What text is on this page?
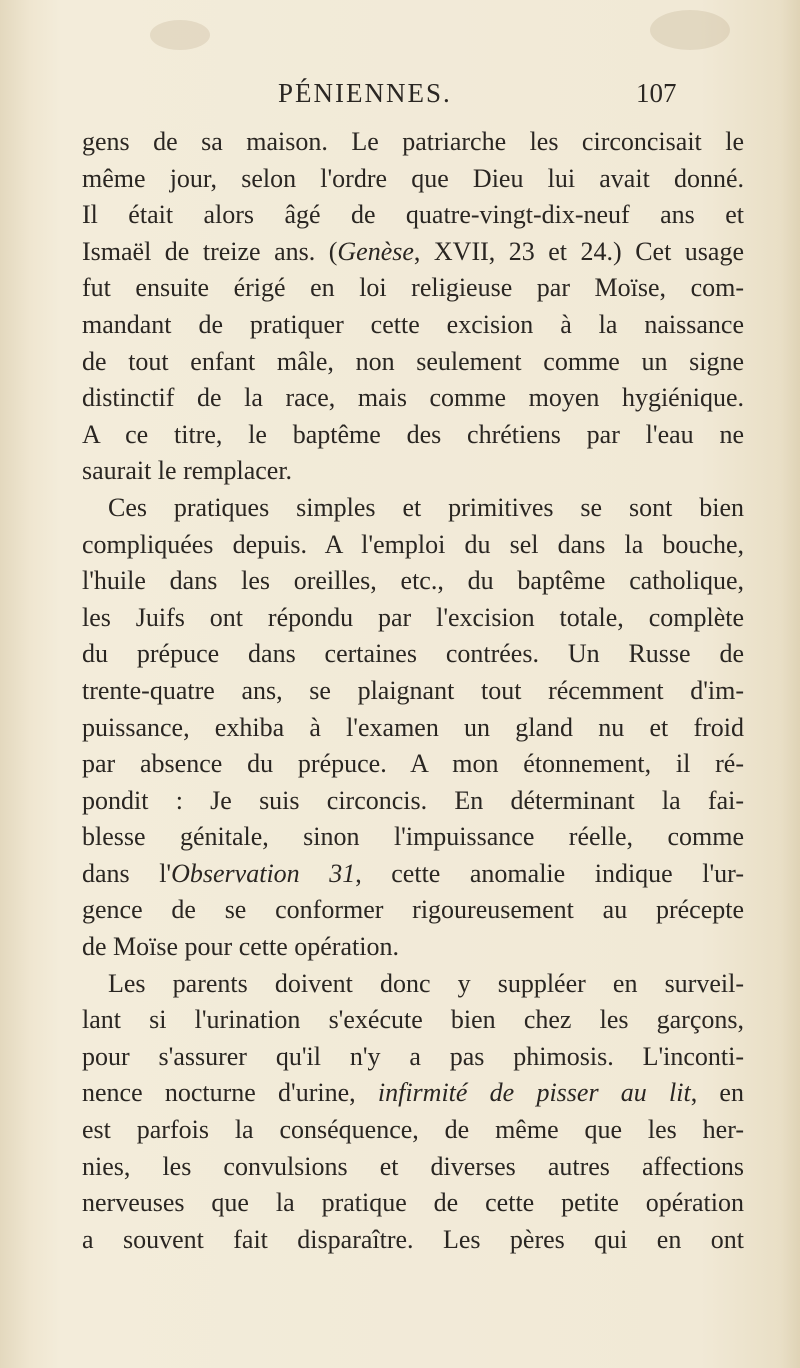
PÉNIENNES.	107
gens de sa maison. Le patriarche les circoncisait le
même jour, selon l'ordre que Dieu lui avait donné.
Il était alors âgé de quatre-vingt-dix-neuf ans et
Ismaël de treize ans. (Genèse, XVII, 23 et 24.) Cet usage
fut ensuite érigé en loi religieuse par Moïse, com-
mandant de pratiquer cette excision à la naissance
de tout enfant mâle, non seulement comme un signe
distinctif de la race, mais comme moyen hygiénique.
A ce titre, le baptême des chrétiens par l'eau ne
saurait le remplacer.
Ces pratiques simples et primitives se sont bien
compliquées depuis. A l'emploi du sel dans la bouche,
l'huile dans les oreilles, etc., du baptême catholique,
les Juifs ont répondu par l'excision totale, complète
du prépuce dans certaines contrées. Un Russe de
trente-quatre ans, se plaignant tout récemment d'im-
puissance, exhiba à l'examen un gland nu et froid
par absence du prépuce. A mon étonnement, il ré-
pondit : Je suis circoncis. En déterminant la fai-
blesse génitale, sinon l'impuissance réelle, comme
dans l'Observation 31, cette anomalie indique l'ur-
gence de se conformer rigoureusement au précepte
de Moïse pour cette opération.
Les parents doivent donc y suppléer en surveil-
lant si l'urination s'exécute bien chez les garçons,
pour s'assurer qu'il n'y a pas phimosis. L'inconti-
nence nocturne d'urine, infirmité de pisser au lit, en
est parfois la conséquence, de même que les her-
nies, les convulsions et diverses autres affections
nerveuses que la pratique de cette petite opération
a souvent fait disparaître. Les pères qui en ont
